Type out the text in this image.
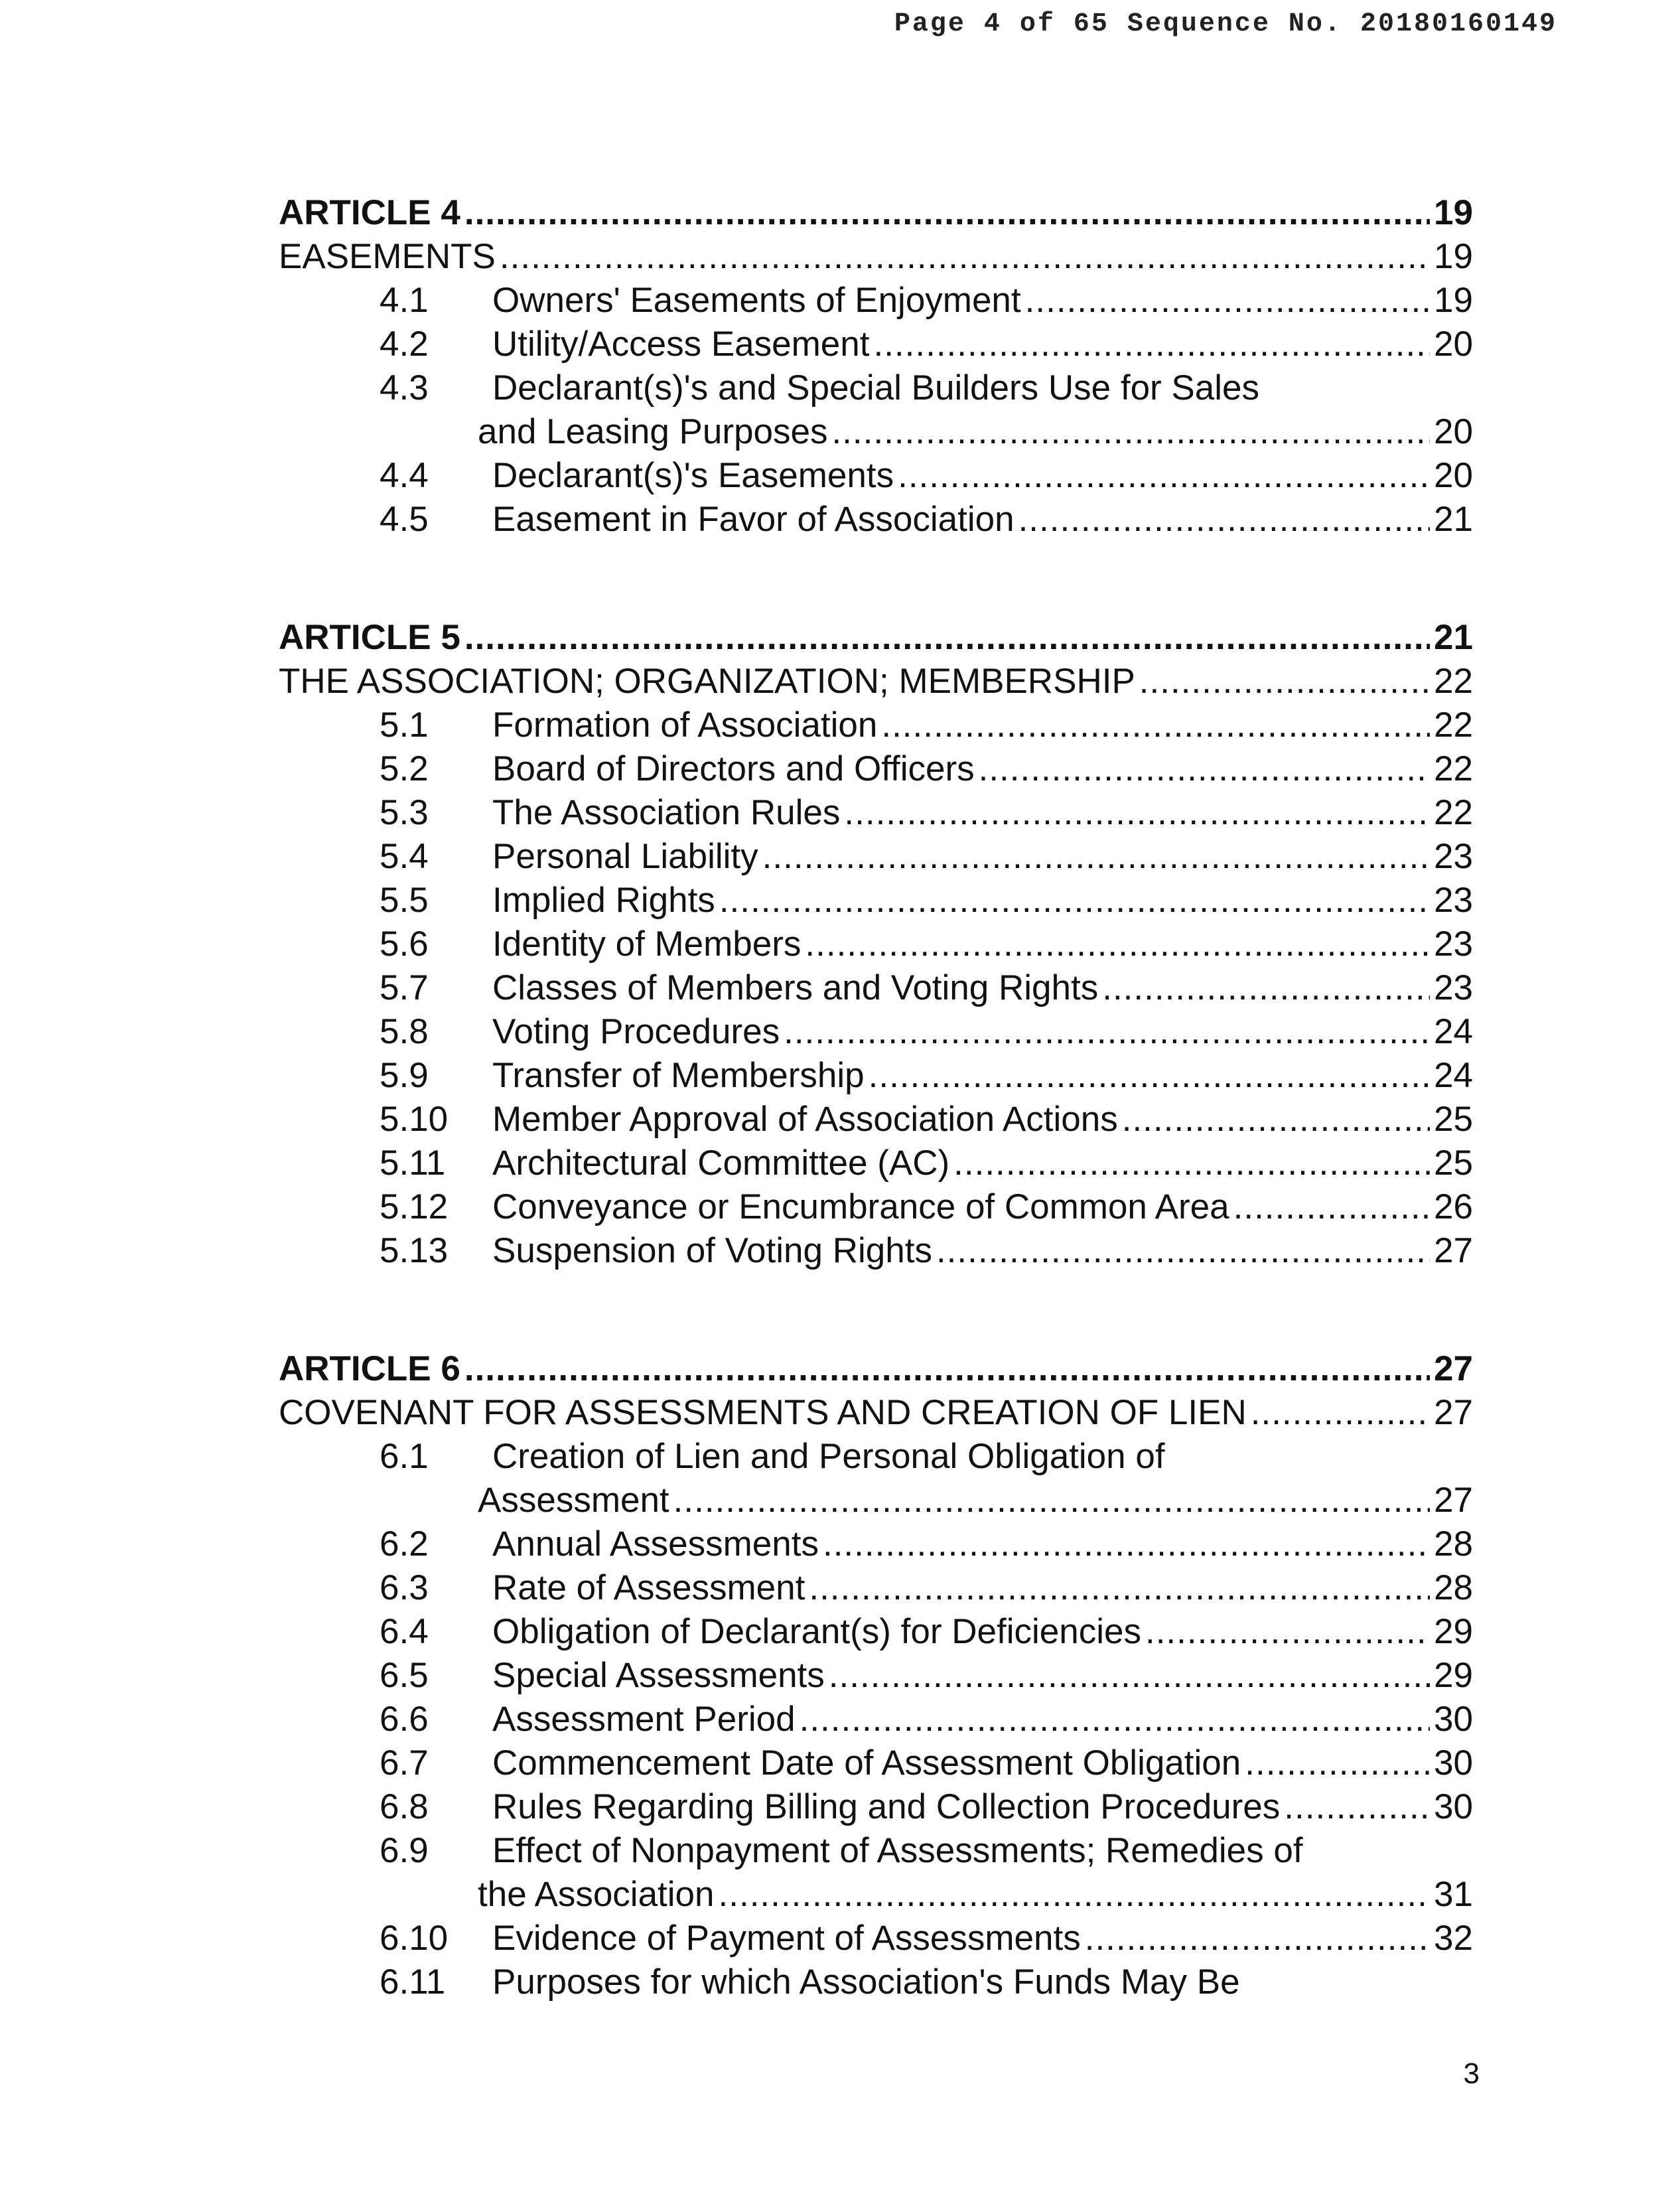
Page 4 of 65 Sequence No. 20180160149
ARTICLE 4 .....	19
EASEMENTS .....	19
4.1	Owners' Easements of Enjoyment .....	19
4.2	Utility/Access Easement .....	20
4.3	Declarant(s)'s and Special Builders Use for Sales
and Leasing Purposes .....	20
4.4	Declarant(s)'s Easements .....	20
4.5	Easement in Favor of Association .....	21
ARTICLE 5 .....	21
THE ASSOCIATION; ORGANIZATION; MEMBERSHIP .....	22
5.1	Formation of Association .....	22
5.2	Board of Directors and Officers .....	22
5.3	The Association Rules .....	22
5.4	Personal Liability .....	23
5.5	Implied Rights .....	23
5.6	Identity of Members .....	23
5.7	Classes of Members and Voting Rights .....	23
5.8	Voting Procedures .....	24
5.9	Transfer of Membership .....	24
5.10	Member Approval of Association Actions .....	25
5.11	Architectural Committee (AC) .....	25
5.12	Conveyance or Encumbrance of Common Area .....	26
5.13	Suspension of Voting Rights .....	27
ARTICLE 6 .....	27
COVENANT FOR ASSESSMENTS AND CREATION OF LIEN .....	27
6.1	Creation of Lien and Personal Obligation of
Assessment .....	27
6.2	Annual Assessments .....	28
6.3	Rate of Assessment .....	28
6.4	Obligation of Declarant(s) for Deficiencies .....	29
6.5	Special Assessments .....	29
6.6	Assessment Period .....	30
6.7	Commencement Date of Assessment Obligation .....	30
6.8	Rules Regarding Billing and Collection Procedures .....	30
6.9	Effect of Nonpayment of Assessments; Remedies of
the Association .....	31
6.10	Evidence of Payment of Assessments .....	32
6.11	Purposes for which Association's Funds May Be
3
